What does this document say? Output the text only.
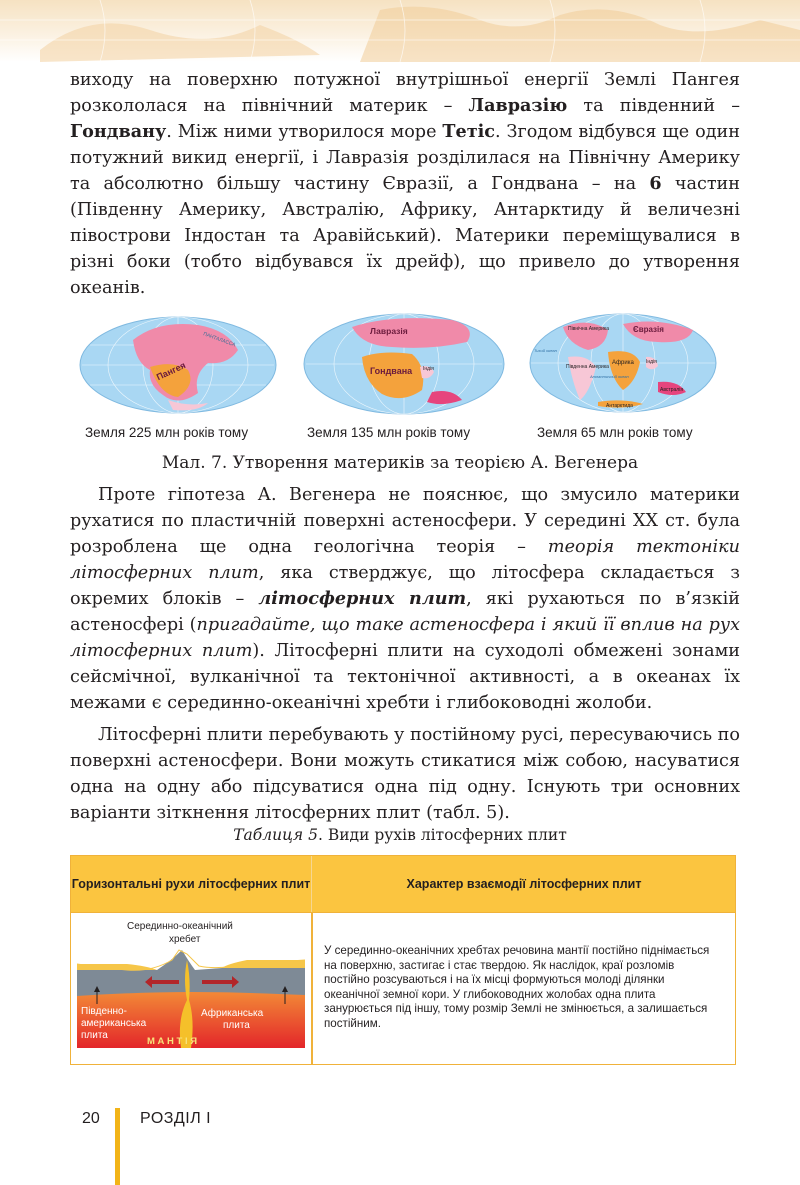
виходу на поверхню потужної внутрішньої енергії Землі Пангея розкололася на північний материк – Лавразію та південний – Гондвану. Між ними утворилося море Тетіс. Згодом відбувся ще один потужний викид енергії, і Лавразія розділилася на Північну Америку та абсолютно більшу частину Євразії, а Гондвана – на 6 частин (Південну Америку, Австралію, Африку, Антарктиду й величезні півострови Індостан та Аравійський). Материки переміщувалися в різні боки (тобто відбувався їх дрейф), що привело до утворення океанів.

Пангея
ПАНТАЛАССА
Земля 225 млн років тому
Лавразія
Гондвана Індія
Земля 135 млн років тому
Північна Америка	Євразія
Африка
Південна Америка
Індія
Австралія
Антарктида
Тихий океан
Атлантичний океан
Земля 65 млн років тому
Мал. 7. Утворення материків за теорією А. Вегенера

Проте гіпотеза А. Вегенера не пояснює, що змусило материки рухатися по пластичній поверхні астеносфери. У середині XX ст. була розроблена ще одна геологічна теорія – теорія тектоніки літосферних плит, яка стверджує, що літосфера складається з окремих блоків – літосферних плит, які рухаються по в’язкій астеносфері (пригадайте, що таке астеносфера і який її вплив на рух літосферних плит). Літосферні плити на суходолі обмежені зонами сейсмічної, вулканічної та тектонічної активності, а в океанах їх межами є серединно-океанічні хребти і глибоководні жолоби.

Літосферні плити перебувають у постійному русі, пересуваючись по поверхні астеносфери. Вони можуть стикатися між собою, насуватися одна на одну або підсуватися одна під одну. Існують три основних варіанти зіткнення літосферних плит (табл. 5).

Таблиця 5. Види рухів літосферних плит
Горизонтальні рухи літосферних плит	Характер взаємодії літосферних плит
Серединно-океанічний
хребет
Південно-
американська
плита
Африканська
плита
М А Н Т І Я
У серединно-океанічних хребтах речовина мантії постійно піднімається на поверхню, застигає і стає твердою. Як наслідок, краї розломів постійно розсуваються і на їх місці формуються молоді ділянки океанічної земної кори. У глибоководних жолобах одна плита занурюється під іншу, тому розмір Землі не змінюється, а залишається постійним.
20	РОЗДІЛ І
